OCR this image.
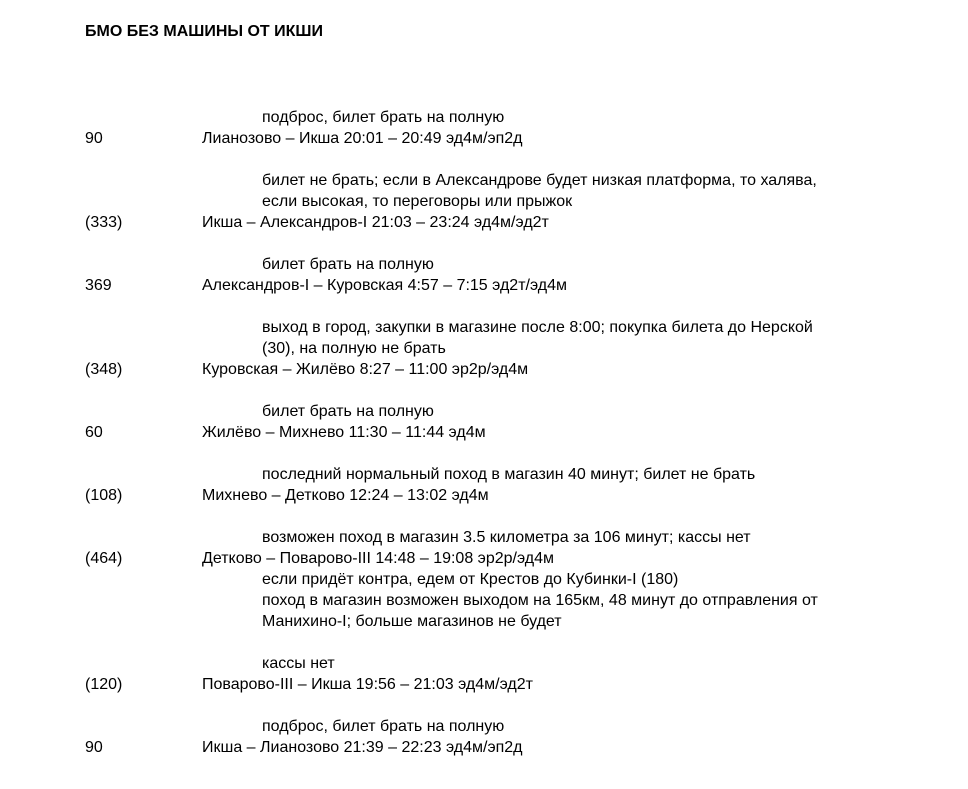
БМО БЕЗ МАШИНЫ ОТ ИКШИ
подброс, билет брать на полную
90	Лианозово – Икша 20:01 – 20:49 эд4м/эп2д
билет не брать; если в Александрове будет низкая платформа, то халява,
если высокая, то переговоры или прыжок
(333)	Икша – Александров-I 21:03 – 23:24 эд4м/эд2т
билет брать на полную
369	Александров-I – Куровская 4:57 – 7:15 эд2т/эд4м
выход в город, закупки в магазине после 8:00; покупка билета до Нерской
(30), на полную не брать
(348)	Куровская – Жилёво 8:27 – 11:00 эр2р/эд4м
билет брать на полную
60	Жилёво – Михнево 11:30 – 11:44 эд4м
последний нормальный поход в магазин 40 минут; билет не брать
(108)	Михнево – Детково 12:24 – 13:02 эд4м
возможен поход в магазин 3.5 километра за 106 минут; кассы нет
(464)	Детково – Поварово-III 14:48 – 19:08 эр2р/эд4м
если придёт контра, едем от Крестов до Кубинки-I (180)
поход в магазин возможен выходом на 165км, 48 минут до отправления от
Манихино-I; больше магазинов не будет
кассы нет
(120)	Поварово-III – Икша 19:56 – 21:03 эд4м/эд2т
подброс, билет брать на полную
90	Икша – Лианозово 21:39 – 22:23 эд4м/эп2д
